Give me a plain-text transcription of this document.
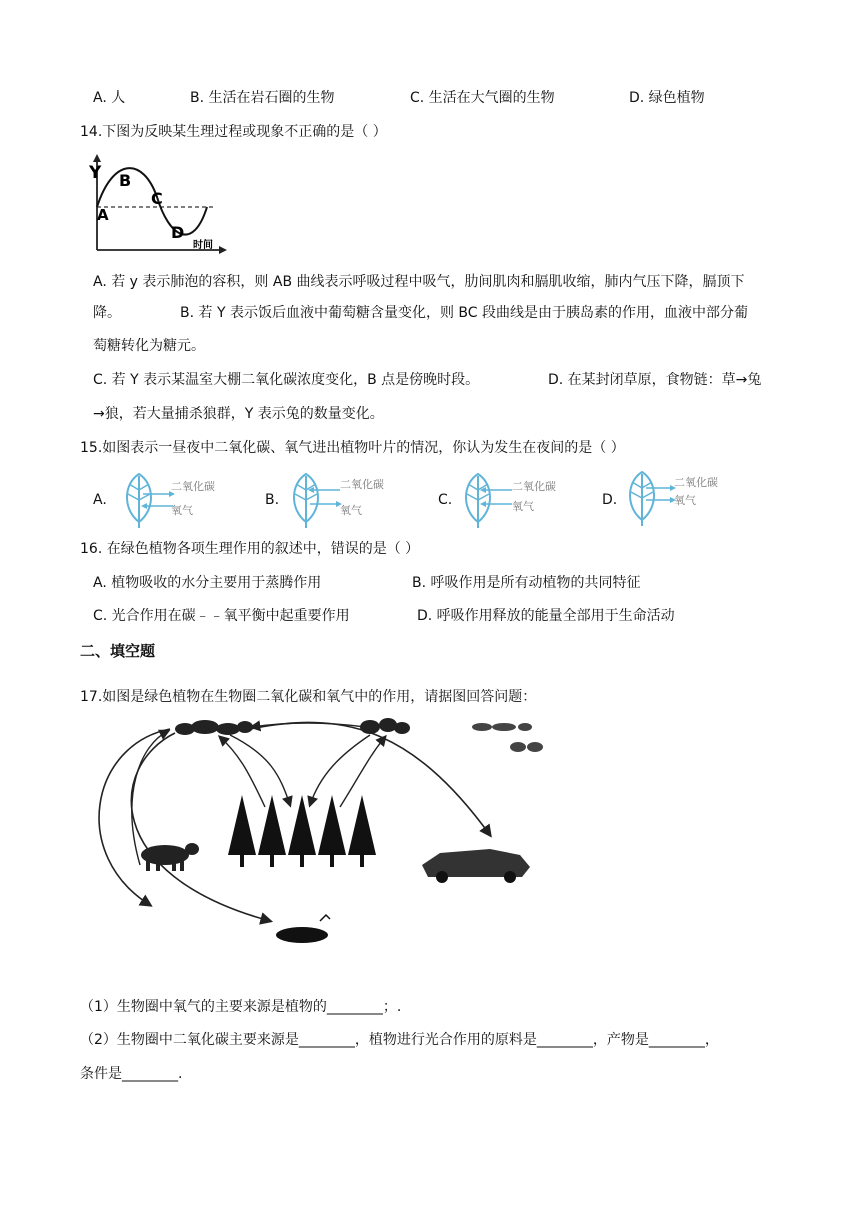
A. 人	B. 生活在岩石圈的生物	C. 生活在大气圈的生物	D. 绿色植物
14.下图为反映某生理过程或现象不正确的是（ ）
Y
A
B
C
D
时间
A. 若 y 表示肺泡的容积，则 AB 曲线表示呼吸过程中吸气，肋间肌肉和膈肌收缩，肺内气压下降，膈顶下
降。	B. 若 Y 表示饭后血液中葡萄糖含量变化，则 BC 段曲线是由于胰岛素的作用，血液中部分葡
萄糖转化为糖元。
C. 若 Y 表示某温室大棚二氧化碳浓度变化，B 点是傍晚时段。	D. 在某封闭草原，食物链：草→兔
→狼，若大量捕杀狼群，Y 表示兔的数量变化。
15.如图表示一昼夜中二氧化碳、氧气进出植物叶片的情况，你认为发生在夜间的是（ ）
A.
二氧化碳
氧气
B.
二氧化碳
氧气
C.
二氧化碳
氧气	D.
二氧化碳
氧气
16. 在绿色植物各项生理作用的叙述中，错误的是（ ）
A. 植物吸收的水分主要用于蒸腾作用	B. 呼吸作用是所有动植物的共同特征
C. 光合作用在碳﹣﹣氧平衡中起重要作用	D. 呼吸作用释放的能量全部用于生命活动
二、填空题
17.如图是绿色植物在生物圈二氧化碳和氧气中的作用，请据图回答问题：
（1）生物圈中氧气的主要来源是植物的________；.
（2）生物圈中二氧化碳主要来源是________，植物进行光合作用的原料是________，产物是________，
条件是________.
